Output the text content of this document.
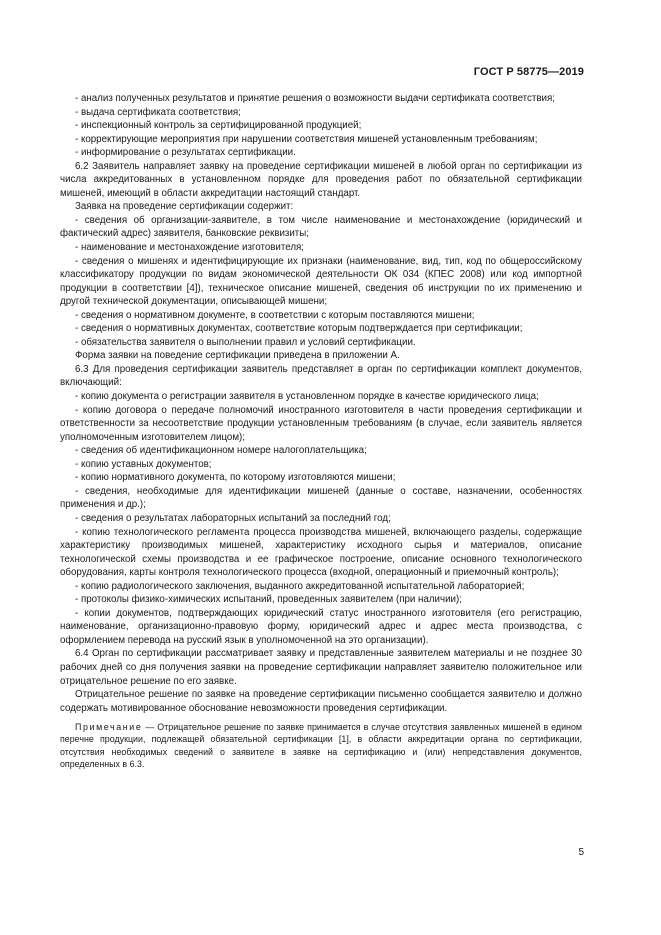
ГОСТ Р 58775—2019

- анализ полученных результатов и принятие решения о возможности выдачи сертификата соответствия;

- выдача сертификата соответствия;

- инспекционный контроль за сертифицированной продукцией;

- корректирующие мероприятия при нарушении соответствия мишеней установленным требованиям;

- информирование о результатах сертификации.

6.2 Заявитель направляет заявку на проведение сертификации мишеней в любой орган по сертификации из числа аккредитованных в установленном порядке для проведения работ по обязательной сертификации мишеней, имеющий в области аккредитации настоящий стандарт.

Заявка на проведение сертификации содержит:

- сведения об организации-заявителе, в том числе наименование и местонахождение (юридический и фактический адрес) заявителя, банковские реквизиты;

- наименование и местонахождение изготовителя;

- сведения о мишенях и идентифицирующие их признаки (наименование, вид, тип, код по общероссийскому классификатору продукции по видам экономической деятельности ОК 034 (КПЕС 2008) или код импортной продукции в соответствии [4]), техническое описание мишеней, сведения об инструкции по их применению и другой технической документации, описывающей мишени;

- сведения о нормативном документе, в соответствии с которым поставляются мишени;

- сведения о нормативных документах, соответствие которым подтверждается при сертификации;

- обязательства заявителя о выполнении правил и условий сертификации.

Форма заявки на поведение сертификации приведена в приложении А.

6.3 Для проведения сертификации заявитель представляет в орган по сертификации комплект документов, включающий:

- копию документа о регистрации заявителя в установленном порядке в качестве юридического лица;

- копию договора о передаче полномочий иностранного изготовителя в части проведения сертификации и ответственности за несоответствие продукции установленным требованиям (в случае, если заявитель является уполномоченным изготовителем лицом);

- сведения об идентификационном номере налогоплательщика;

- копию уставных документов;

- копию нормативного документа, по которому изготовляются мишени;

- сведения, необходимые для идентификации мишеней (данные о составе, назначении, особенностях применения и др.);

- сведения о результатах лабораторных испытаний за последний год;

- копию технологического регламента процесса производства мишеней, включающего разделы, содержащие характеристику производимых мишеней, характеристику исходного сырья и материалов, описание технологической схемы производства и ее графическое построение, описание основного технологического оборудования, карты контроля технологического процесса (входной, операционный и приемочный контроль);

- копию радиологического заключения, выданного аккредитованной испытательной лабораторией;

- протоколы физико-химических испытаний, проведенных заявителем (при наличии);

- копии документов, подтверждающих юридический статус иностранного изготовителя (его регистрацию, наименование, организационно-правовую форму, юридический адрес и адрес места производства, с оформлением перевода на русский язык в уполномоченной на это организации).

6.4 Орган по сертификации рассматривает заявку и представленные заявителем материалы и не позднее 30 рабочих дней со дня получения заявки на проведение сертификации направляет заявителю положительное или отрицательное решение по его заявке.

Отрицательное решение по заявке на проведение сертификации письменно сообщается заявителю и должно содержать мотивированное обоснование невозможности проведения сертификации.

Примечание — Отрицательное решение по заявке принимается в случае отсутствия заявленных мишеней в едином перечне продукции, подлежащей обязательной сертификации [1], в области аккредитации органа по сертификации, отсутствия необходимых сведений о заявителе в заявке на сертификацию и (или) непредставления документов, определенных в 6.3.

5
